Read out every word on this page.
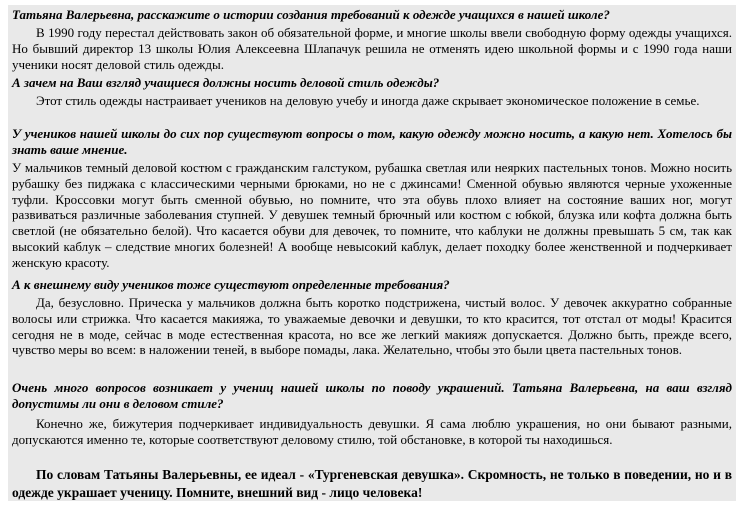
Татьяна Валерьевна, расскажите о истории создания требований к одежде учащихся в нашей школе?

В 1990 году перестал действовать закон об обязательной форме, и многие школы ввели свободную форму одежды учащихся. Но бывший директор 13 школы Юлия Алексеевна Шлапачук решила не отменять идею школьной формы и с 1990 года наши ученики носят деловой стиль одежды.

А зачем на Ваш взгляд учащиеся должны носить деловой стиль одежды?

Этот стиль одежды настраивает учеников на деловую учебу и иногда даже скрывает экономическое положение в семье.

У учеников нашей школы до сих пор существуют вопросы о том, какую одежду можно носить, а какую нет. Хотелось бы знать ваше мнение.

У мальчиков темный деловой костюм с гражданским галстуком, рубашка светлая или неяркиx пастельных тонов. Можно носить рубашку без пиджака с классическими черными брюками, но не с джинсами! Сменной обувью являются черные ухоженные туфли. Кроссовки могут быть сменной обувью, но помните, что эта обувь плохо влияет на состояние ваших ног, могут развиваться различные заболевания ступней. У девушек темный брючный или костюм с юбкой, блузка или кофта должна быть светлой (не обязательно белой). Что касается обуви для девочек, то помните, что каблуки не должны превышать 5 см, так как высокий каблук – следствие многих болезней! А вообще невысокий каблук, делает походку более женственной и подчеркивает женскую красоту.

А к внешнему виду учеников тоже существуют определенные требования?

Да, безусловно. Прическа у мальчиков должна быть коротко подстрижена, чистый волос. У девочек аккуратно собранные волосы или стрижка. Что касается макияжа, то уважаемые девочки и девушки, то кто красится, тот отстал от моды! Красится сегодня не в моде, сейчас в моде естественная красота, но все же легкий макияж допускается. Должно быть, прежде всего, чувство меры во всем: в наложении теней, в выборе помады, лака. Желательно, чтобы это были цвета пастельных тонов.

Очень много вопросов возникает у учениц нашей школы по поводу украшений. Татьяна Валерьевна, на ваш взгляд допустимы ли они в деловом стиле?

Конечно же, бижутерия подчеркивает индивидуальность девушки. Я сама люблю украшения, но они бывают разными, допускаются именно те, которые соответствуют деловому стилю, той обстановке, в которой ты находишься.

По словам Татьяны Валерьевны, ее идеал - «Тургеневская девушка». Скромность, не только в поведении, но и в одежде украшает ученицу. Помните, внешний вид - лицо человека!
